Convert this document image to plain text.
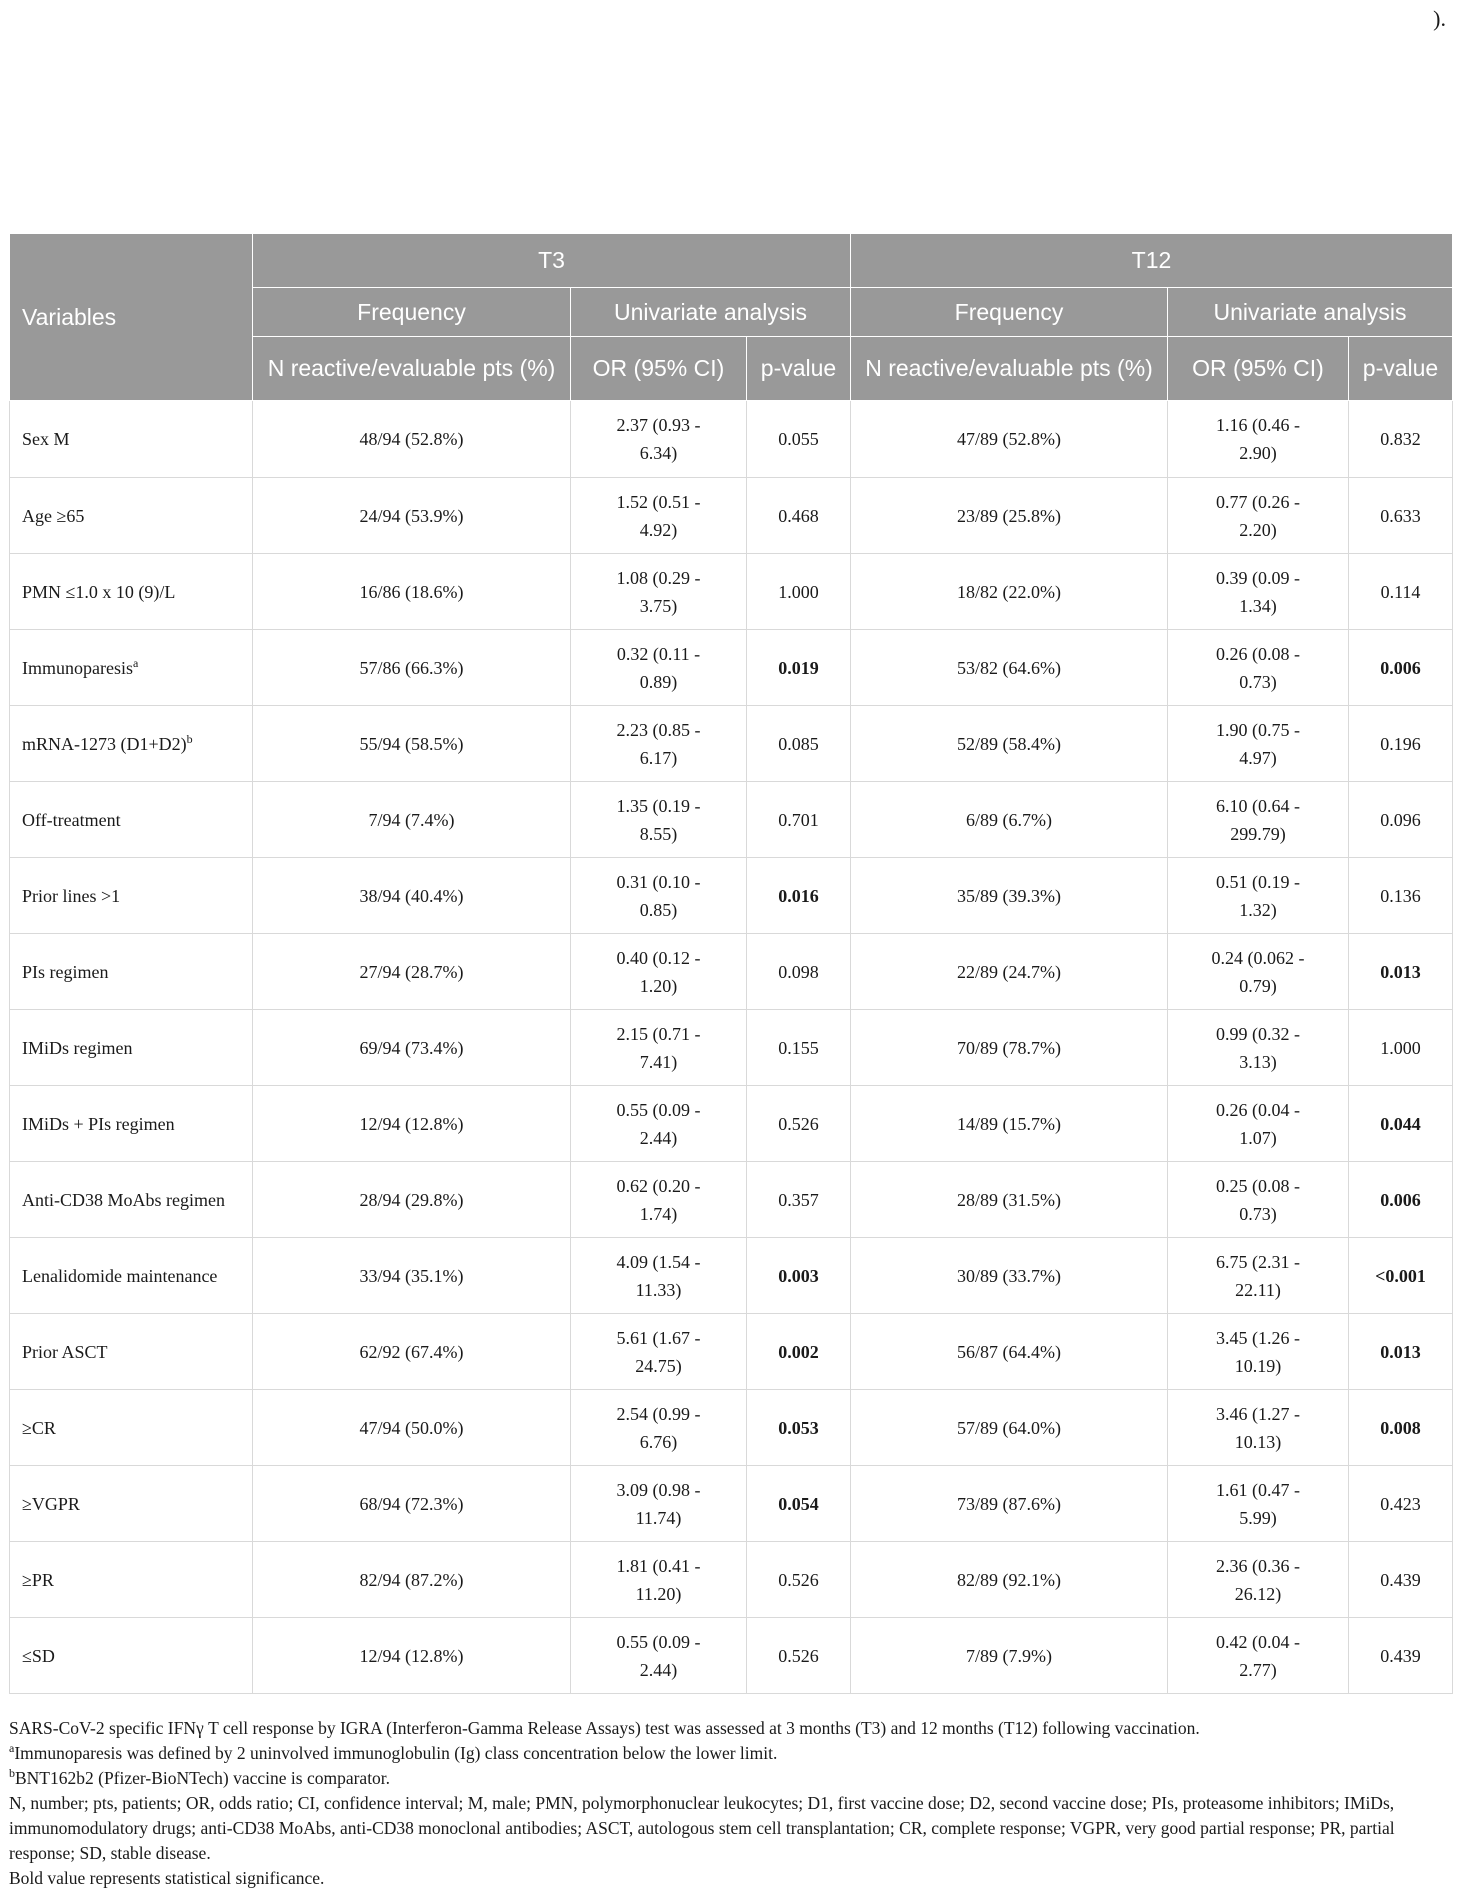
).
Variables	T3			T12		
	Frequency	Univariate analysis		Frequency	Univariate analysis	
	N reactive/evaluable pts (%)	OR (95% CI)	p-value	N reactive/evaluable pts (%)	OR (95% CI)	p-value
Sex M	48/94 (52.8%)	2.37 (0.93 - 6.34)	0.055	47/89 (52.8%)	1.16 (0.46 - 2.90)	0.832
Age ≥65	24/94 (53.9%)	1.52 (0.51 - 4.92)	0.468	23/89 (25.8%)	0.77 (0.26 - 2.20)	0.633
PMN ≤1.0 x 10 (9)/L	16/86 (18.6%)	1.08 (0.29 - 3.75)	1.000	18/82 (22.0%)	0.39 (0.09 - 1.34)	0.114
Immunoparesis$^a$	57/86 (66.3%)	0.32 (0.11 - 0.89)	0.019	53/82 (64.6%)	0.26 (0.08 - 0.73)	0.006
mRNA-1273 $(D1+D2)^b$	55/94 (58.5%)	2.23 (0.85 - 6.17)	0.085	52/89 (58.4%)	1.90 (0.75 - 4.97)	0.196
Off-treatment	7/94 (7.4%)	1.35 (0.19 - 8.55)	0.701	6/89 (6.7%)	6.10 (0.64 - 299.79)	0.096
Prior lines >1	38/94 (40.4%)	0.31 (0.10 - 0.85)	0.016	35/89 (39.3%)	0.51 (0.19 - 1.32)	0.136
PIs regimen	27/94 (28.7%)	0.40 (0.12 - 1.20)	0.098	22/89 (24.7%)	0.24 (0.062 - 0.79)	0.013
IMiDs regimen	69/94 (73.4%)	2.15 (0.71 - 7.41)	0.155	70/89 (78.7%)	0.99 (0.32 - 3.13)	1.000
IMiDs + PIs regimen	12/94 (12.8%)	0.55 (0.09 - 2.44)	0.526	14/89 (15.7%)	0.26 (0.04 - 1.07)	0.044
Anti-CD38 MoAbs regimen	28/94 (29.8%)	0.62 (0.20 - 1.74)	0.357	28/89 (31.5%)	0.25 (0.08 - 0.73)	0.006
Lenalidomide maintenance	33/94 (35.1%)	4.09 (1.54 - 11.33)	0.003	30/89 (33.7%)	6.75 (2.31 - 22.11)	<0.001
Prior ASCT	62/92 (67.4%)	5.61 (1.67 - 24.75)	0.002	56/87 (64.4%)	3.45 (1.26 - 10.19)	0.013
≥CR	47/94 (50.0%)	2.54 (0.99 - 6.76)	0.053	57/89 (64.0%)	3.46 (1.27 - 10.13)	0.008
≥VGPR	68/94 (72.3%)	3.09 (0.98 - 11.74)	0.054	73/89 (87.6%)	1.61 (0.47 - 5.99)	0.423
≥PR	82/94 (87.2%)	1.81 (0.41 - 11.20)	0.526	82/89 (92.1%)	2.36 (0.36 - 26.12)	0.439
≤SD	12/94 (12.8%)	0.55 (0.09 - 2.44)	0.526	7/89 (7.9%)	0.42 (0.04 - 2.77)	0.439

SARS-CoV-2 specific IFNγ T cell response by IGRA (Interferon-Gamma Release Assays) test was assessed at 3 months (T3) and 12 months (T12) following vaccination.

$^a$Immunoparesis was defined by 2 uninvolved immunoglobulin (Ig) class concentration below the lower limit.

$^b$BNT162b2 (Pfizer-BioNTech) vaccine is comparator.

N, number; pts, patients; OR, odds ratio; CI, confidence interval; M, male; PMN, polymorphonuclear leukocytes; D1, first vaccine dose; D2, second vaccine dose; PIs, proteasome inhibitors; IMiDs, immunomodulatory drugs; anti-CD38 MoAbs, anti-CD38 monoclonal antibodies; ASCT, autologous stem cell transplantation; CR, complete response; VGPR, very good partial response; PR, partial response; SD, stable disease.

Bold value represents statistical significance.
